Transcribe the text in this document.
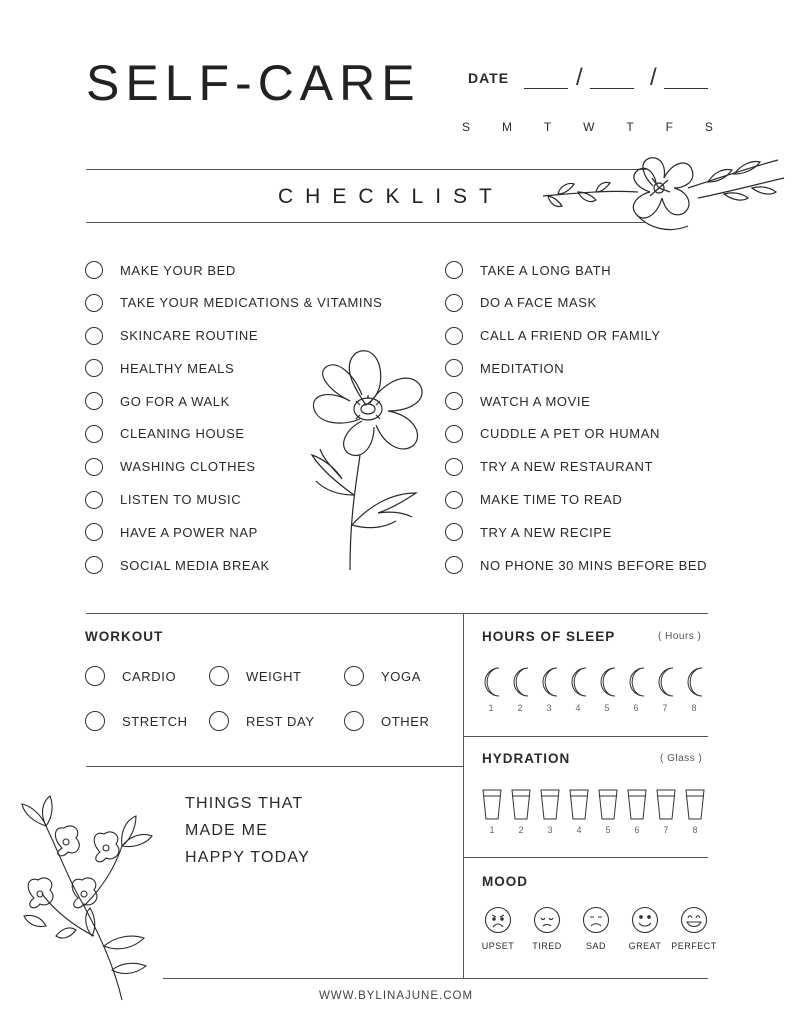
SELF-CARE	DATE	/	/
S	M	T	W	T	F	S
CHECKLIST
MAKE YOUR BED
TAKE YOUR MEDICATIONS & VITAMINS
SKINCARE ROUTINE
HEALTHY MEALS
GO FOR A WALK
CLEANING HOUSE
WASHING CLOTHES
LISTEN TO MUSIC
HAVE A POWER NAP
SOCIAL MEDIA BREAK
TAKE A LONG BATH
DO A FACE MASK
CALL A FRIEND OR FAMILY
MEDITATION
WATCH A MOVIE
CUDDLE A PET OR HUMAN
TRY A NEW RESTAURANT
MAKE TIME TO READ
TRY A NEW RECIPE
NO PHONE 30 MINS BEFORE BED
WORKOUT
CARDIO	WEIGHT	YOGA
STRETCH	REST DAY	OTHER
HOURS OF SLEEP	( Hours )
1	2	3	4	5	6	7	8
HYDRATION	( Glass )
1	2	3	4	5	6	7	8
MOOD
UPSET	TIRED	SAD	GREAT	PERFECT
THINGS THAT
MADE ME
HAPPY TODAY
WWW.BYLINAJUNE.COM
